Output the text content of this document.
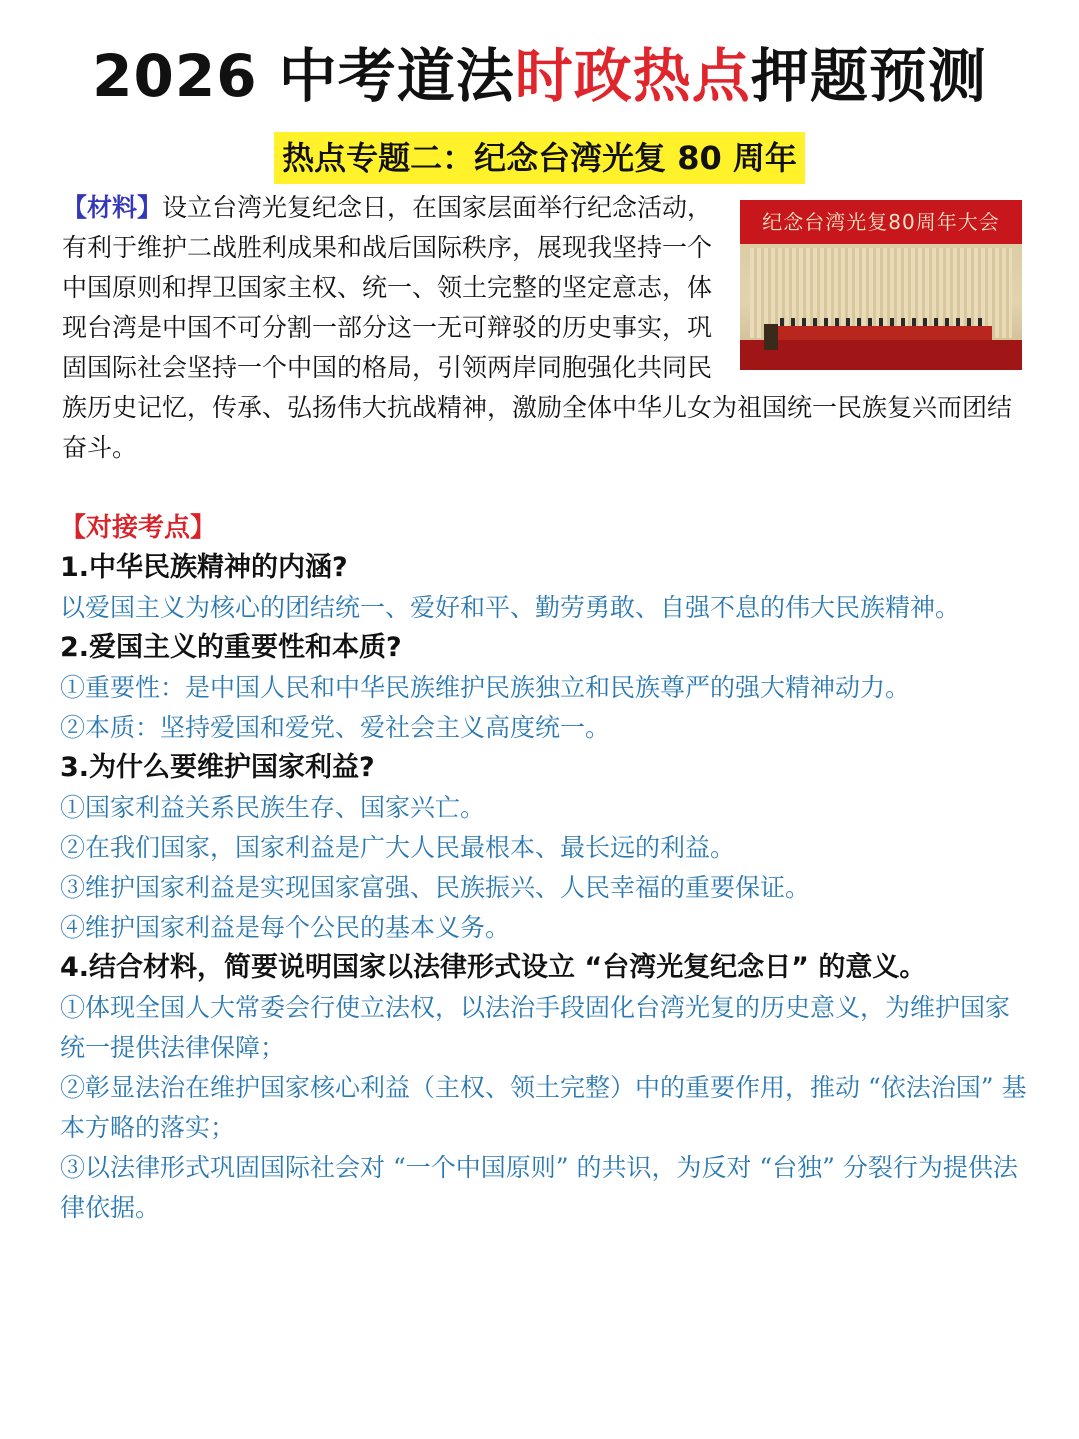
2026 中考道法时政热点押题预测
热点专题二：纪念台湾光复 80 周年
纪念台湾光复80周年大会
【材料】设立台湾光复纪念日，在国家层面举行纪念活动，有利于维护二战胜利成果和战后国际秩序，展现我坚持一个中国原则和捍卫国家主权、统一、领土完整的坚定意志，体现台湾是中国不可分割一部分这一无可辩驳的历史事实，巩固国际社会坚持一个中国的格局，引领两岸同胞强化共同民族历史记忆，传承、弘扬伟大抗战精神，激励全体中华儿女为祖国统一民族复兴而团结奋斗。
【对接考点】
1.中华民族精神的内涵?
以爱国主义为核心的团结统一、爱好和平、勤劳勇敢、自强不息的伟大民族精神。
2.爱国主义的重要性和本质?
①重要性：是中国人民和中华民族维护民族独立和民族尊严的强大精神动力。
②本质：坚持爱国和爱党、爱社会主义高度统一。
3.为什么要维护国家利益?
①国家利益关系民族生存、国家兴亡。
②在我们国家，国家利益是广大人民最根本、最长远的利益。
③维护国家利益是实现国家富强、民族振兴、人民幸福的重要保证。
④维护国家利益是每个公民的基本义务。
4.结合材料，简要说明国家以法律形式设立 “台湾光复纪念日” 的意义。
①体现全国人大常委会行使立法权，以法治手段固化台湾光复的历史意义，为维护国家统一提供法律保障；
②彰显法治在维护国家核心利益（主权、领土完整）中的重要作用，推动 “依法治国” 基本方略的落实；
③以法律形式巩固国际社会对 “一个中国原则” 的共识，为反对 “台独” 分裂行为提供法律依据。
